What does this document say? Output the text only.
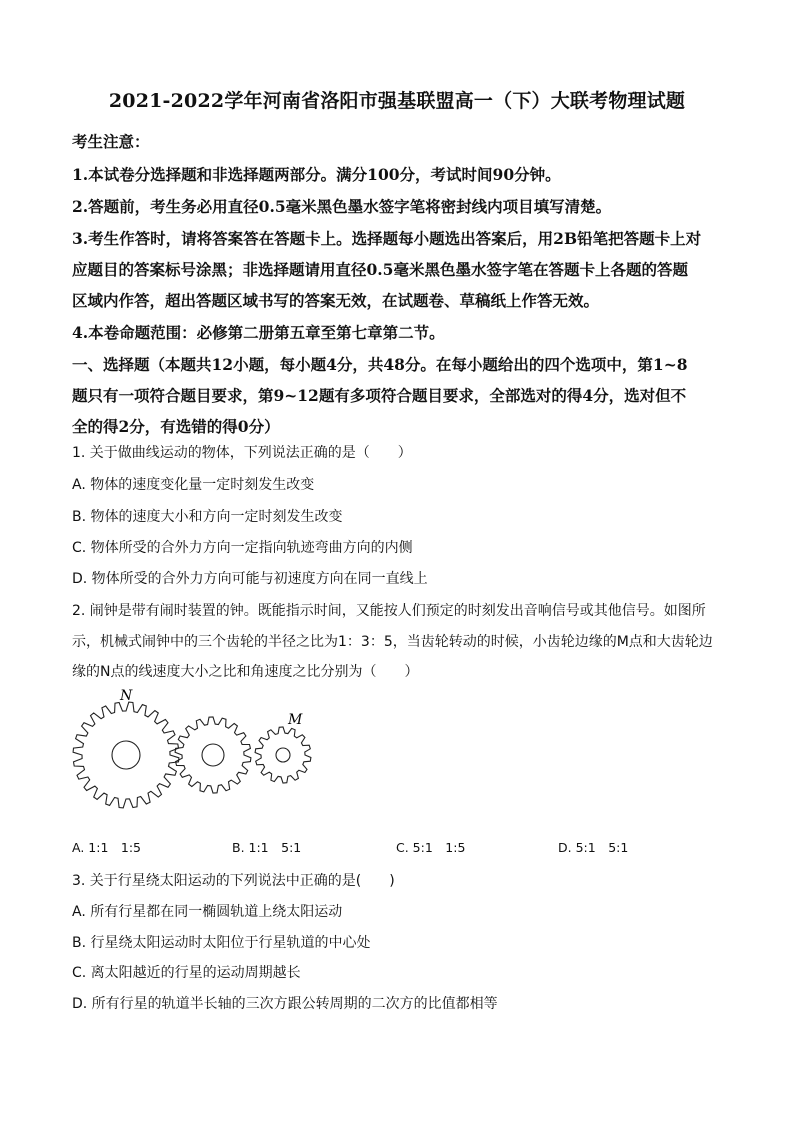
2021-2022学年河南省洛阳市强基联盟高一（下）大联考物理试题
考生注意：
1.本试卷分选择题和非选择题两部分。满分100分，考试时间90分钟。
2.答题前，考生务必用直径0.5毫米黑色墨水签字笔将密封线内项目填写清楚。
3.考生作答时，请将答案答在答题卡上。选择题每小题选出答案后，用2B铅笔把答题卡上对
应题目的答案标号涂黑；非选择题请用直径0.5毫米黑色墨水签字笔在答题卡上各题的答题
区域内作答，超出答题区域书写的答案无效，在试题卷、草稿纸上作答无效。
4.本卷命题范围：必修第二册第五章至第七章第二节。
一、选择题（本题共12小题，每小题4分，共48分。在每小题给出的四个选项中，第1~8
题只有一项符合题目要求，第9~12题有多项符合题目要求，全部选对的得4分，选对但不
全的得2分，有选错的得0分）
1. 关于做曲线运动的物体，下列说法正确的是（　　）
A. 物体的速度变化量一定时刻发生改变
B. 物体的速度大小和方向一定时刻发生改变
C. 物体所受的合外力方向一定指向轨迹弯曲方向的内侧
D. 物体所受的合外力方向可能与初速度方向在同一直线上
2. 闹钟是带有闹时装置的钟。既能指示时间，又能按人们预定的时刻发出音响信号或其他信号。如图所
示，机械式闹钟中的三个齿轮的半径之比为1：3：5，当齿轮转动的时候，小齿轮边缘的M点和大齿轮边
缘的N点的线速度大小之比和角速度之比分别为（　　）
N
M
A. 1:1　1:5	B. 1:1　5:1	C. 5:1　1:5	D. 5:1　5:1
3. 关于行星绕太阳运动的下列说法中正确的是(　　)
A. 所有行星都在同一椭圆轨道上绕太阳运动
B. 行星绕太阳运动时太阳位于行星轨道的中心处
C. 离太阳越近的行星的运动周期越长
D. 所有行星的轨道半长轴的三次方跟公转周期的二次方的比值都相等
